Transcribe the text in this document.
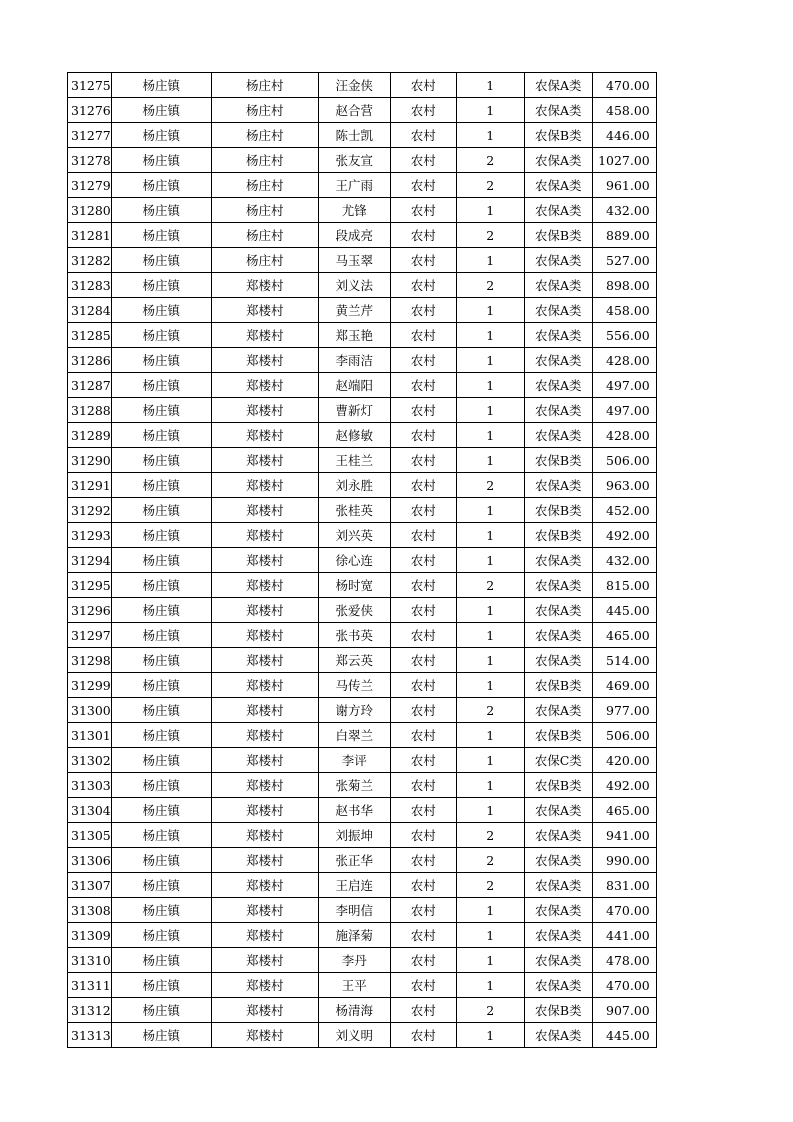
31275	杨庄镇	杨庄村	汪金侠	农村	1	农保A类	470.00
31276	杨庄镇	杨庄村	赵合营	农村	1	农保A类	458.00
31277	杨庄镇	杨庄村	陈士凯	农村	1	农保B类	446.00
31278	杨庄镇	杨庄村	张友宣	农村	2	农保A类	1027.00
31279	杨庄镇	杨庄村	王广雨	农村	2	农保A类	961.00
31280	杨庄镇	杨庄村	尤锋	农村	1	农保A类	432.00
31281	杨庄镇	杨庄村	段成亮	农村	2	农保B类	889.00
31282	杨庄镇	杨庄村	马玉翠	农村	1	农保A类	527.00
31283	杨庄镇	郑楼村	刘义法	农村	2	农保A类	898.00
31284	杨庄镇	郑楼村	黄兰芹	农村	1	农保A类	458.00
31285	杨庄镇	郑楼村	郑玉艳	农村	1	农保A类	556.00
31286	杨庄镇	郑楼村	李雨洁	农村	1	农保A类	428.00
31287	杨庄镇	郑楼村	赵端阳	农村	1	农保A类	497.00
31288	杨庄镇	郑楼村	曹新灯	农村	1	农保A类	497.00
31289	杨庄镇	郑楼村	赵修敏	农村	1	农保A类	428.00
31290	杨庄镇	郑楼村	王桂兰	农村	1	农保B类	506.00
31291	杨庄镇	郑楼村	刘永胜	农村	2	农保A类	963.00
31292	杨庄镇	郑楼村	张桂英	农村	1	农保B类	452.00
31293	杨庄镇	郑楼村	刘兴英	农村	1	农保B类	492.00
31294	杨庄镇	郑楼村	徐心连	农村	1	农保A类	432.00
31295	杨庄镇	郑楼村	杨时宽	农村	2	农保A类	815.00
31296	杨庄镇	郑楼村	张爱侠	农村	1	农保A类	445.00
31297	杨庄镇	郑楼村	张书英	农村	1	农保A类	465.00
31298	杨庄镇	郑楼村	郑云英	农村	1	农保A类	514.00
31299	杨庄镇	郑楼村	马传兰	农村	1	农保B类	469.00
31300	杨庄镇	郑楼村	谢方玲	农村	2	农保A类	977.00
31301	杨庄镇	郑楼村	白翠兰	农村	1	农保B类	506.00
31302	杨庄镇	郑楼村	李评	农村	1	农保C类	420.00
31303	杨庄镇	郑楼村	张菊兰	农村	1	农保B类	492.00
31304	杨庄镇	郑楼村	赵书华	农村	1	农保A类	465.00
31305	杨庄镇	郑楼村	刘振坤	农村	2	农保A类	941.00
31306	杨庄镇	郑楼村	张正华	农村	2	农保A类	990.00
31307	杨庄镇	郑楼村	王启连	农村	2	农保A类	831.00
31308	杨庄镇	郑楼村	李明信	农村	1	农保A类	470.00
31309	杨庄镇	郑楼村	施泽菊	农村	1	农保A类	441.00
31310	杨庄镇	郑楼村	李丹	农村	1	农保A类	478.00
31311	杨庄镇	郑楼村	王平	农村	1	农保A类	470.00
31312	杨庄镇	郑楼村	杨清海	农村	2	农保B类	907.00
31313	杨庄镇	郑楼村	刘义明	农村	1	农保A类	445.00
